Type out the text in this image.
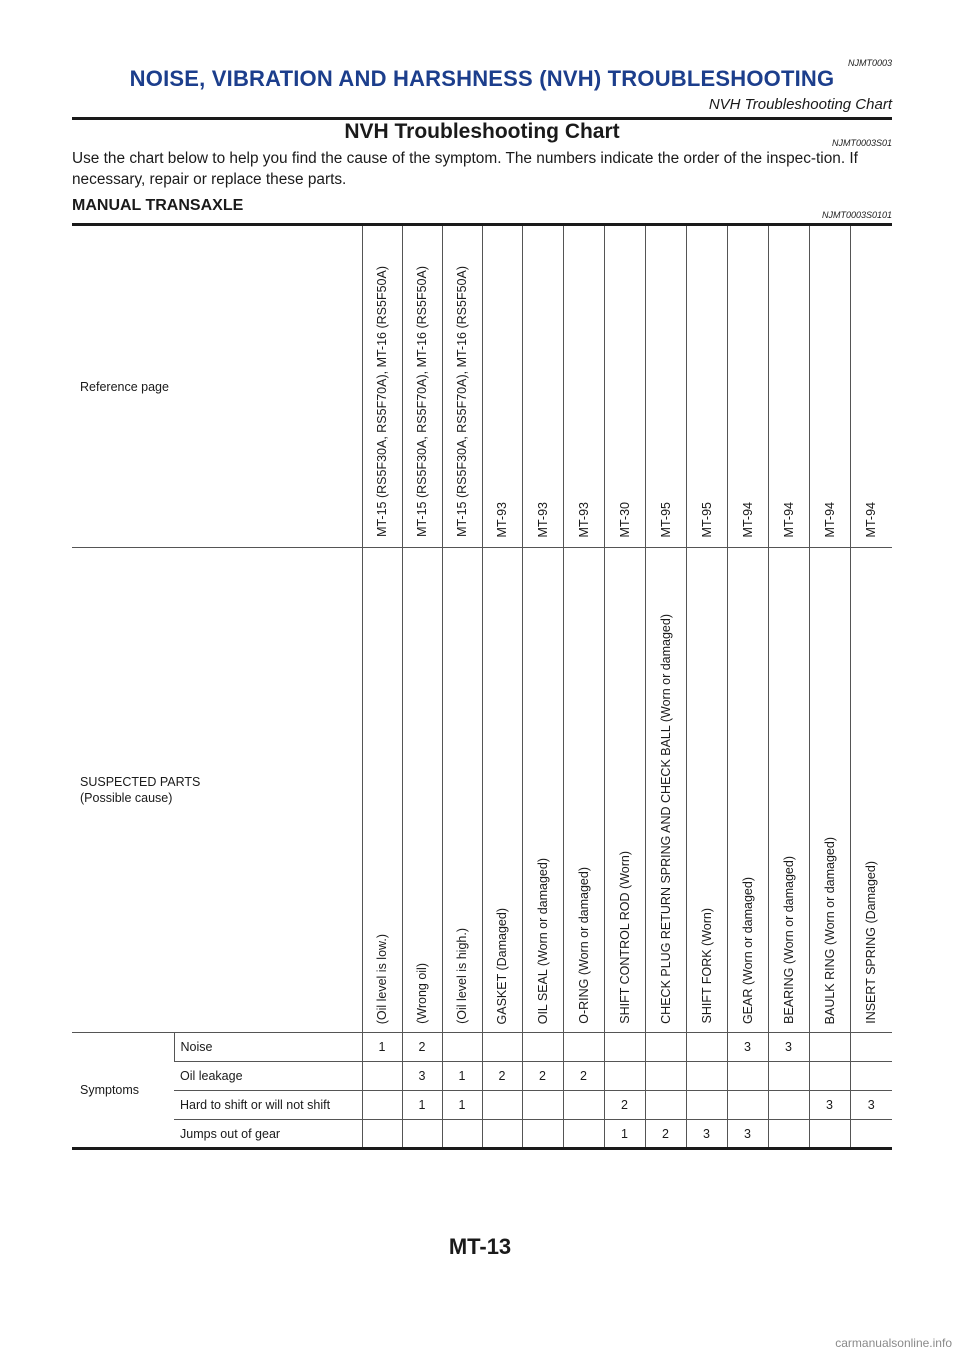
NJMT0003
NOISE, VIBRATION AND HARSHNESS (NVH) TROUBLESHOOTING
NVH Troubleshooting Chart
NVH Troubleshooting Chart	NJMT0003S01

Use the chart below to help you find the cause of the symptom. The numbers indicate the order of the inspec-tion. If necessary, repair or replace these parts.

MANUAL TRANSAXLE
NJMT0003S0101
Reference page		MT-15 (RS5F30A, RS5F70A), MT-16 (RS5F50A)	MT-15 (RS5F30A, RS5F70A), MT-16 (RS5F50A)	MT-15 (RS5F30A, RS5F70A), MT-16 (RS5F50A)	MT-93	MT-93	MT-93	MT-30	MT-95	MT-95	MT-94	MT-94	MT-94	MT-94

SUSPECTED PARTS
(Possible cause)		(Oil level is low.)	(Wrong oil)	(Oil level is high.)	GASKET (Damaged)	OIL SEAL (Worn or damaged)	O-RING (Worn or damaged)	SHIFT CONTROL ROD (Worn)	CHECK PLUG RETURN SPRING AND CHECK BALL (Worn or damaged)	SHIFT FORK (Worn)	GEAR (Worn or damaged)	BEARING (Worn or damaged)	BAULK RING (Worn or damaged)	INSERT SPRING (Damaged)

Symptoms	Noise	1	2								3	3		
	Oil leakage		3	1	2	2	2							
	Hard to shift or will not shift		1	1				2					3	3
	Jumps out of gear							1	2	3	3			
MT-13
carmanualsonline.info
